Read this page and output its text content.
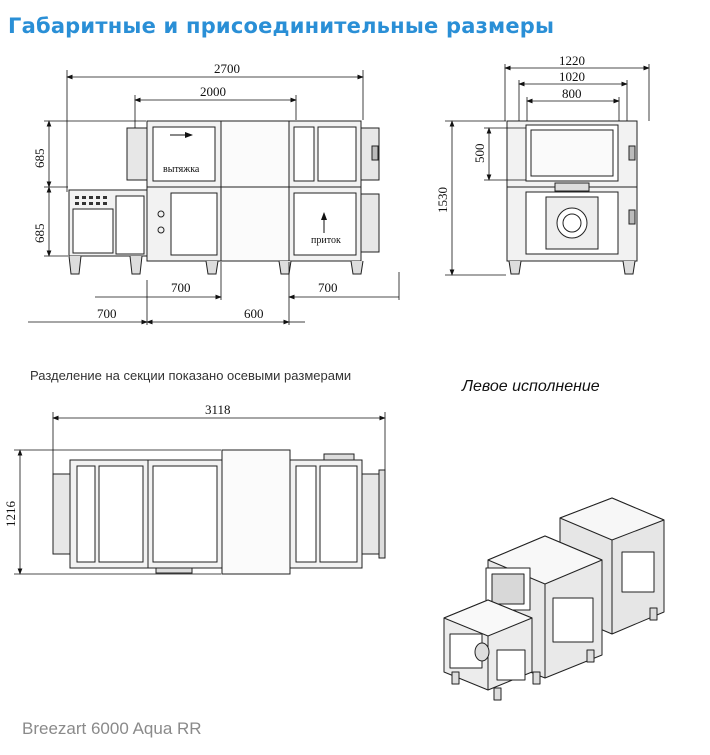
Габаритные и присоединительные размеры
вытяжка
приток
2700
2000
685
685
700	700
700	600
1220
1020
800
1530
500
3118
1216
Разделение на секции показано осевыми размерами
Левое исполнение
Breezart 6000 Aqua RR
